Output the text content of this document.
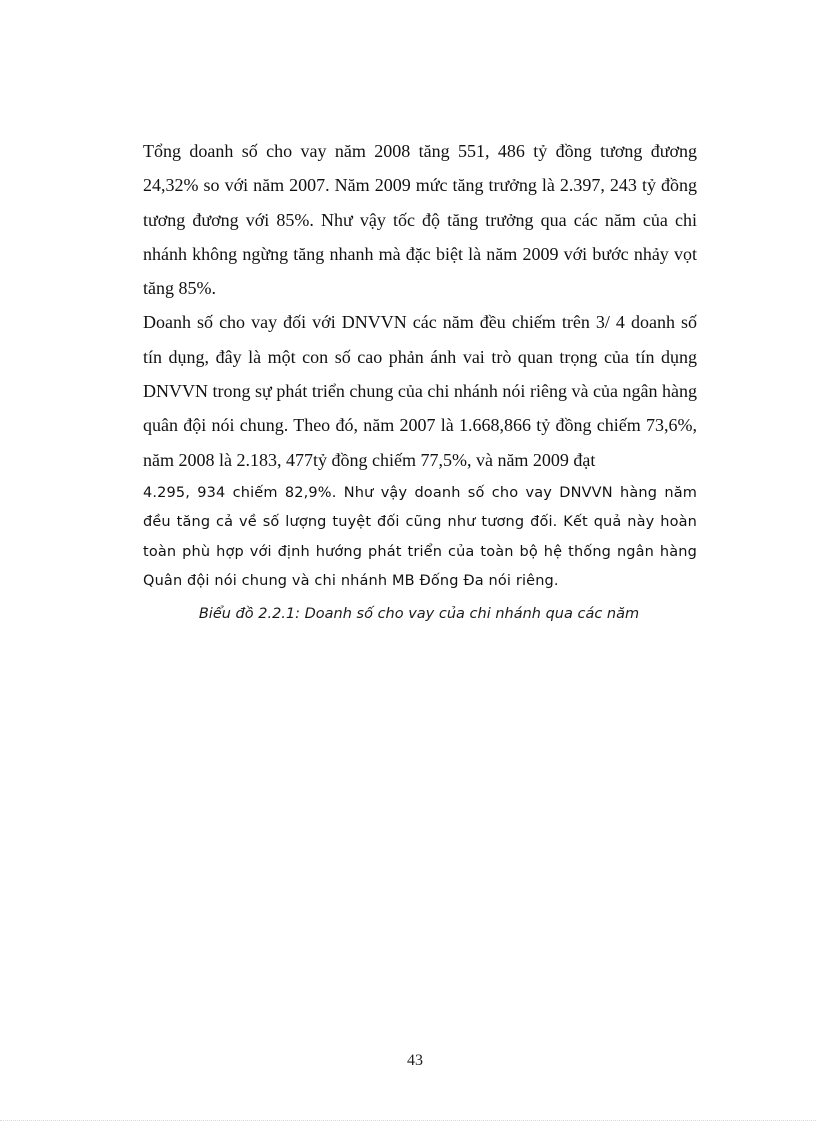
Tổng doanh số cho vay năm 2008 tăng 551, 486 tỷ đồng tương đương 24,32% so với năm 2007. Năm 2009 mức tăng trưởng là 2.397, 243 tỷ đồng tương đương với 85%. Như vậy tốc độ tăng trưởng qua các năm của chi nhánh không ngừng tăng nhanh mà đặc biệt là năm 2009 với bước nhảy vọt tăng 85%.

Doanh số cho vay đối với DNVVN các năm đều chiếm trên 3/ 4 doanh số tín dụng, đây là một con số cao phản ánh vai trò quan trọng của tín dụng DNVVN trong sự phát triển chung của chi nhánh nói riêng và của ngân hàng quân đội nói chung. Theo đó, năm 2007 là 1.668,866 tỷ đồng chiếm 73,6%, năm 2008 là 2.183, 477tỷ đồng chiếm 77,5%, và năm 2009 đạt

4.295, 934 chiếm 82,9%. Như vậy doanh số cho vay DNVVN hàng năm đều tăng cả về số lượng tuyệt đối cũng như tương đối. Kết quả này hoàn toàn phù hợp với định hướng phát triển của toàn bộ hệ thống ngân hàng Quân đội nói chung và chi nhánh MB Đống Đa nói riêng.

Biểu đồ 2.2.1: Doanh số cho vay của chi nhánh qua các năm
43
